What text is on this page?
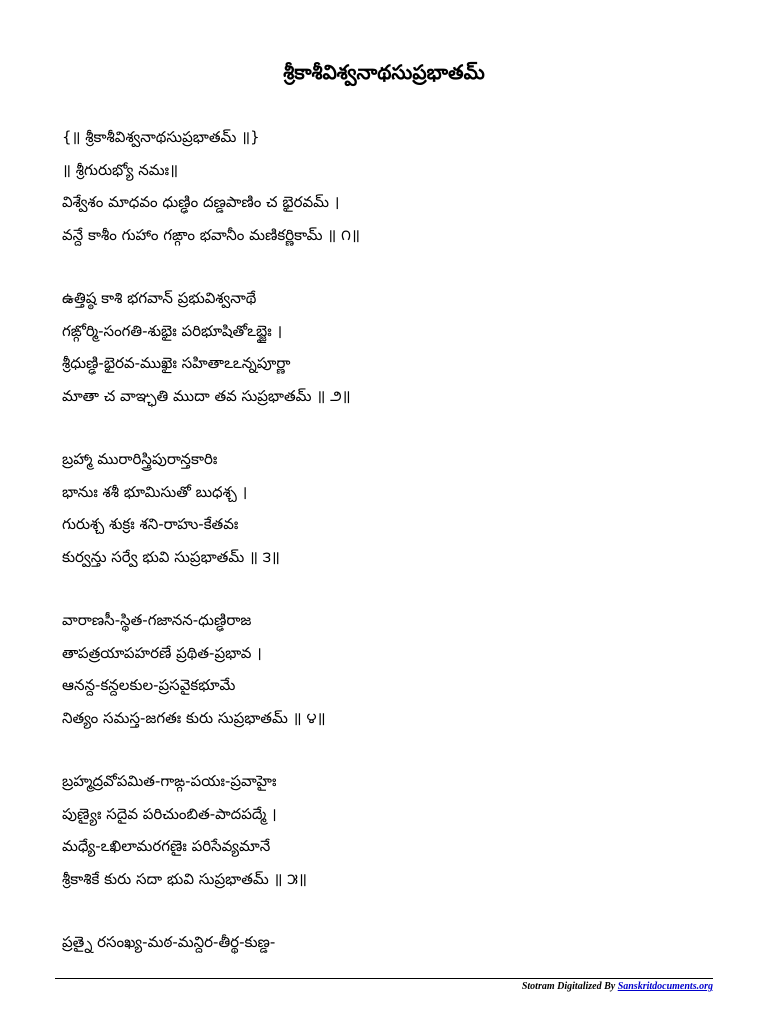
శ్రీకాశీవిశ్వనాథసుప్రభాతమ్
{॥ శ్రీకాశీవిశ్వనాథసుప్రభాతమ్ ॥}
॥ శ్రీగురుభ్యో నమః॥
విశ్వేశం మాధవం ధుణ్ఢిం దణ్డపాణిం చ భైరవమ్ ।
వన్దే కాశీం గుహాం గఙ్గాం భవానీం మణికర్ణికామ్ ॥ ౧॥
ఉత్తిష్ఠ కాశి భగవాన్ ప్రభువిశ్వనాథే
గఙ్గోర్మి-సంగతి-శుభైః పరిభూషితోఽబ్జైః ।
శ్రీధుణ్ఢి-భైరవ-ముఖైః సహితాఽఽన్నపూర్ణా
మాతా చ వాఞ్ఛతి ముదా తవ సుప్రభాతమ్ ॥ ౨॥
బ్రహ్మా మురారిస్త్రిపురాన్తకారిః
భానుః శశీ భూమిసుతో బుధశ్చ ।
గురుశ్చ శుక్రః శని-రాహు-కేతవః
కుర్వన్తు సర్వే భువి సుప్రభాతమ్ ॥ ౩॥
వారాణసీ-స్థిత-గజానన-ధుణ్ఢిరాజ
తాపత్రయాపహరణే ప్రథిత-ప్రభావ ।
ఆనన్ద-కన్దలకుల-ప్రసవైకభూమే
నిత్యం సమస్త-జగతః కురు సుప్రభాతమ్ ॥ ౪॥
బ్రహ్మద్రవోపమిత-గాఙ్గ-పయః-ప్రవాహైః
పుణ్యైః సదైవ పరిచుంబిత-పాదపద్మే ।
మధ్యే-ఽఖిలామరగణైః పరిసేవ్యమానే
శ్రీకాశికే కురు సదా భువి సుప్రభాతమ్ ॥ ౫॥
ప్రత్నై రసంఖ్య-మఠ-మన్దిర-తీర్థ-కుణ్డ-
Stotram Digitalized By Sanskritdocuments.org
